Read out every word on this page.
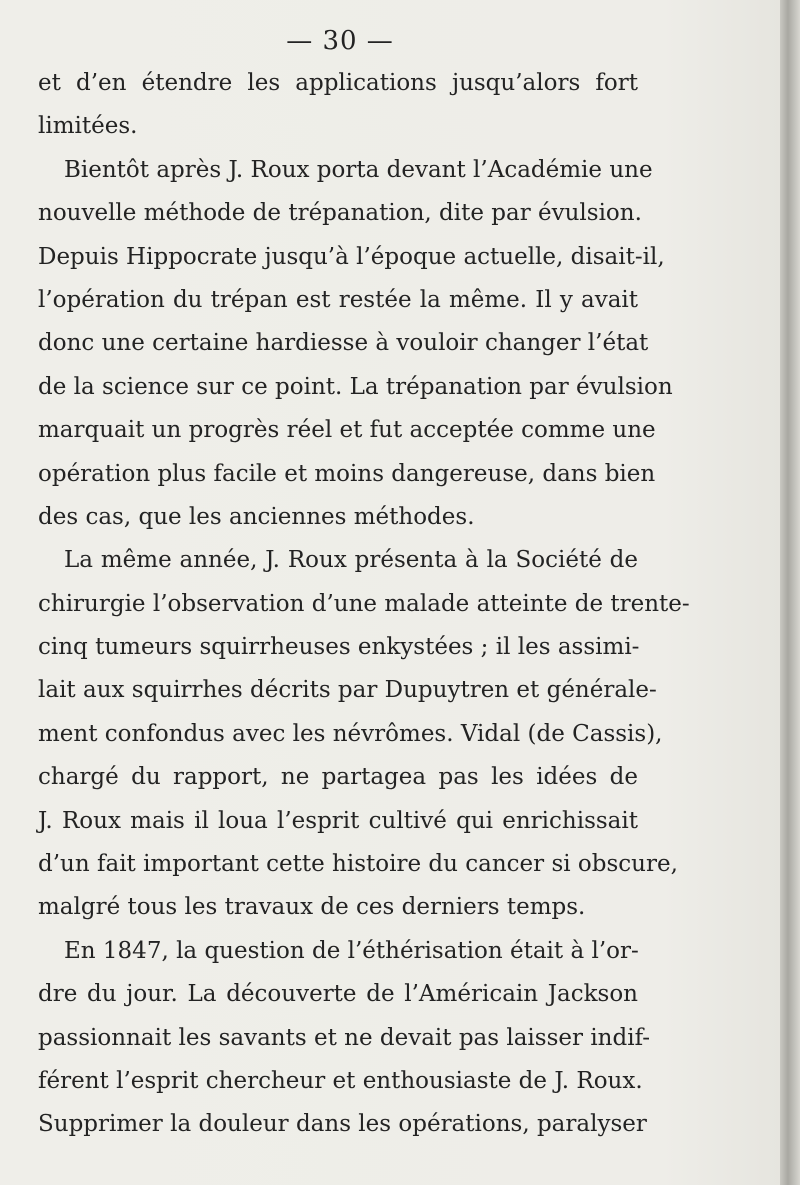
— 30 —
et d’en étendre les applications jusqu’alors fort
limitées.
Bientôt après J. Roux porta devant l’Académie une
nouvelle méthode de trépanation, dite par évulsion.
Depuis Hippocrate jusqu’à l’époque actuelle, disait-il,
l’opération du trépan est restée la même. Il y avait
donc une certaine hardiesse à vouloir changer l’état
de la science sur ce point. La trépanation par évulsion
marquait un progrès réel et fut acceptée comme une
opération plus facile et moins dangereuse, dans bien
des cas, que les anciennes méthodes.
La même année, J. Roux présenta à la Société de
chirurgie l’observation d’une malade atteinte de trente-
cinq tumeurs squirrheuses enkystées ; il les assimi-
lait aux squirrhes décrits par Dupuytren et générale-
ment confondus avec les névrômes. Vidal (de Cassis),
chargé du rapport, ne partagea pas les idées de
J. Roux mais il loua l’esprit cultivé qui enrichissait
d’un fait important cette histoire du cancer si obscure,
malgré tous les travaux de ces derniers temps.
En 1847, la question de l’éthérisation était à l’or-
dre du jour. La découverte de l’Américain Jackson
passionnait les savants et ne devait pas laisser indif-
férent l’esprit chercheur et enthousiaste de J. Roux.
Supprimer la douleur dans les opérations, paralyser
